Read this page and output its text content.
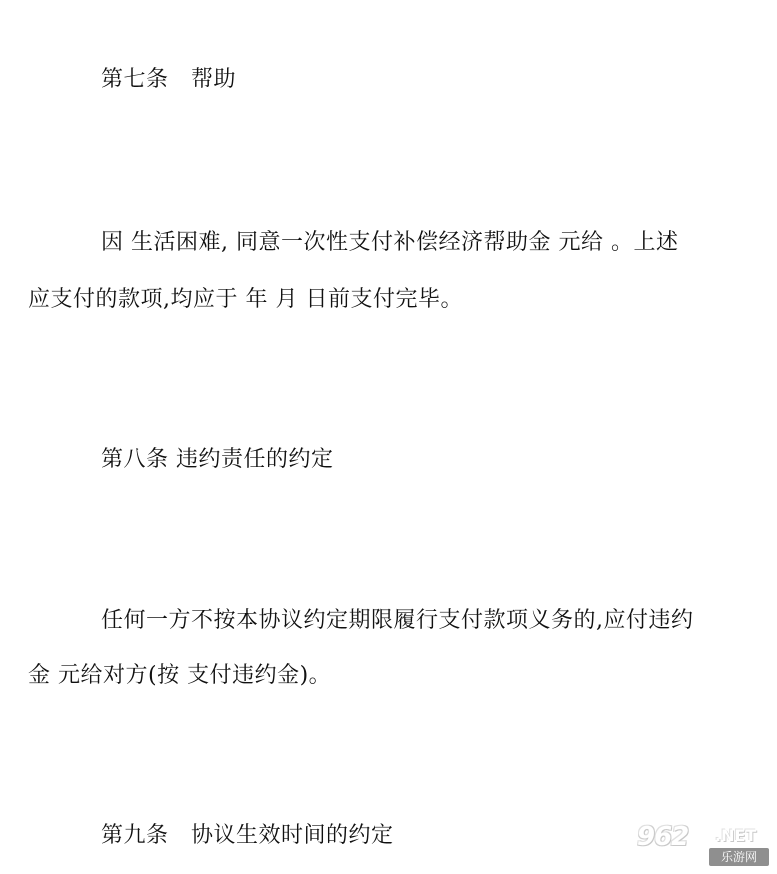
第七条　帮助
因 生活困难, 同意一次性支付补偿经济帮助金 元给 。上述
应支付的款项,均应于 年 月 日前支付完毕。
第八条 违约责任的约定
任何一方不按本协议约定期限履行支付款项义务的,应付违约
金 元给对方(按 支付违约金)。
第九条　协议生效时间的约定	962 .NET
乐游网
